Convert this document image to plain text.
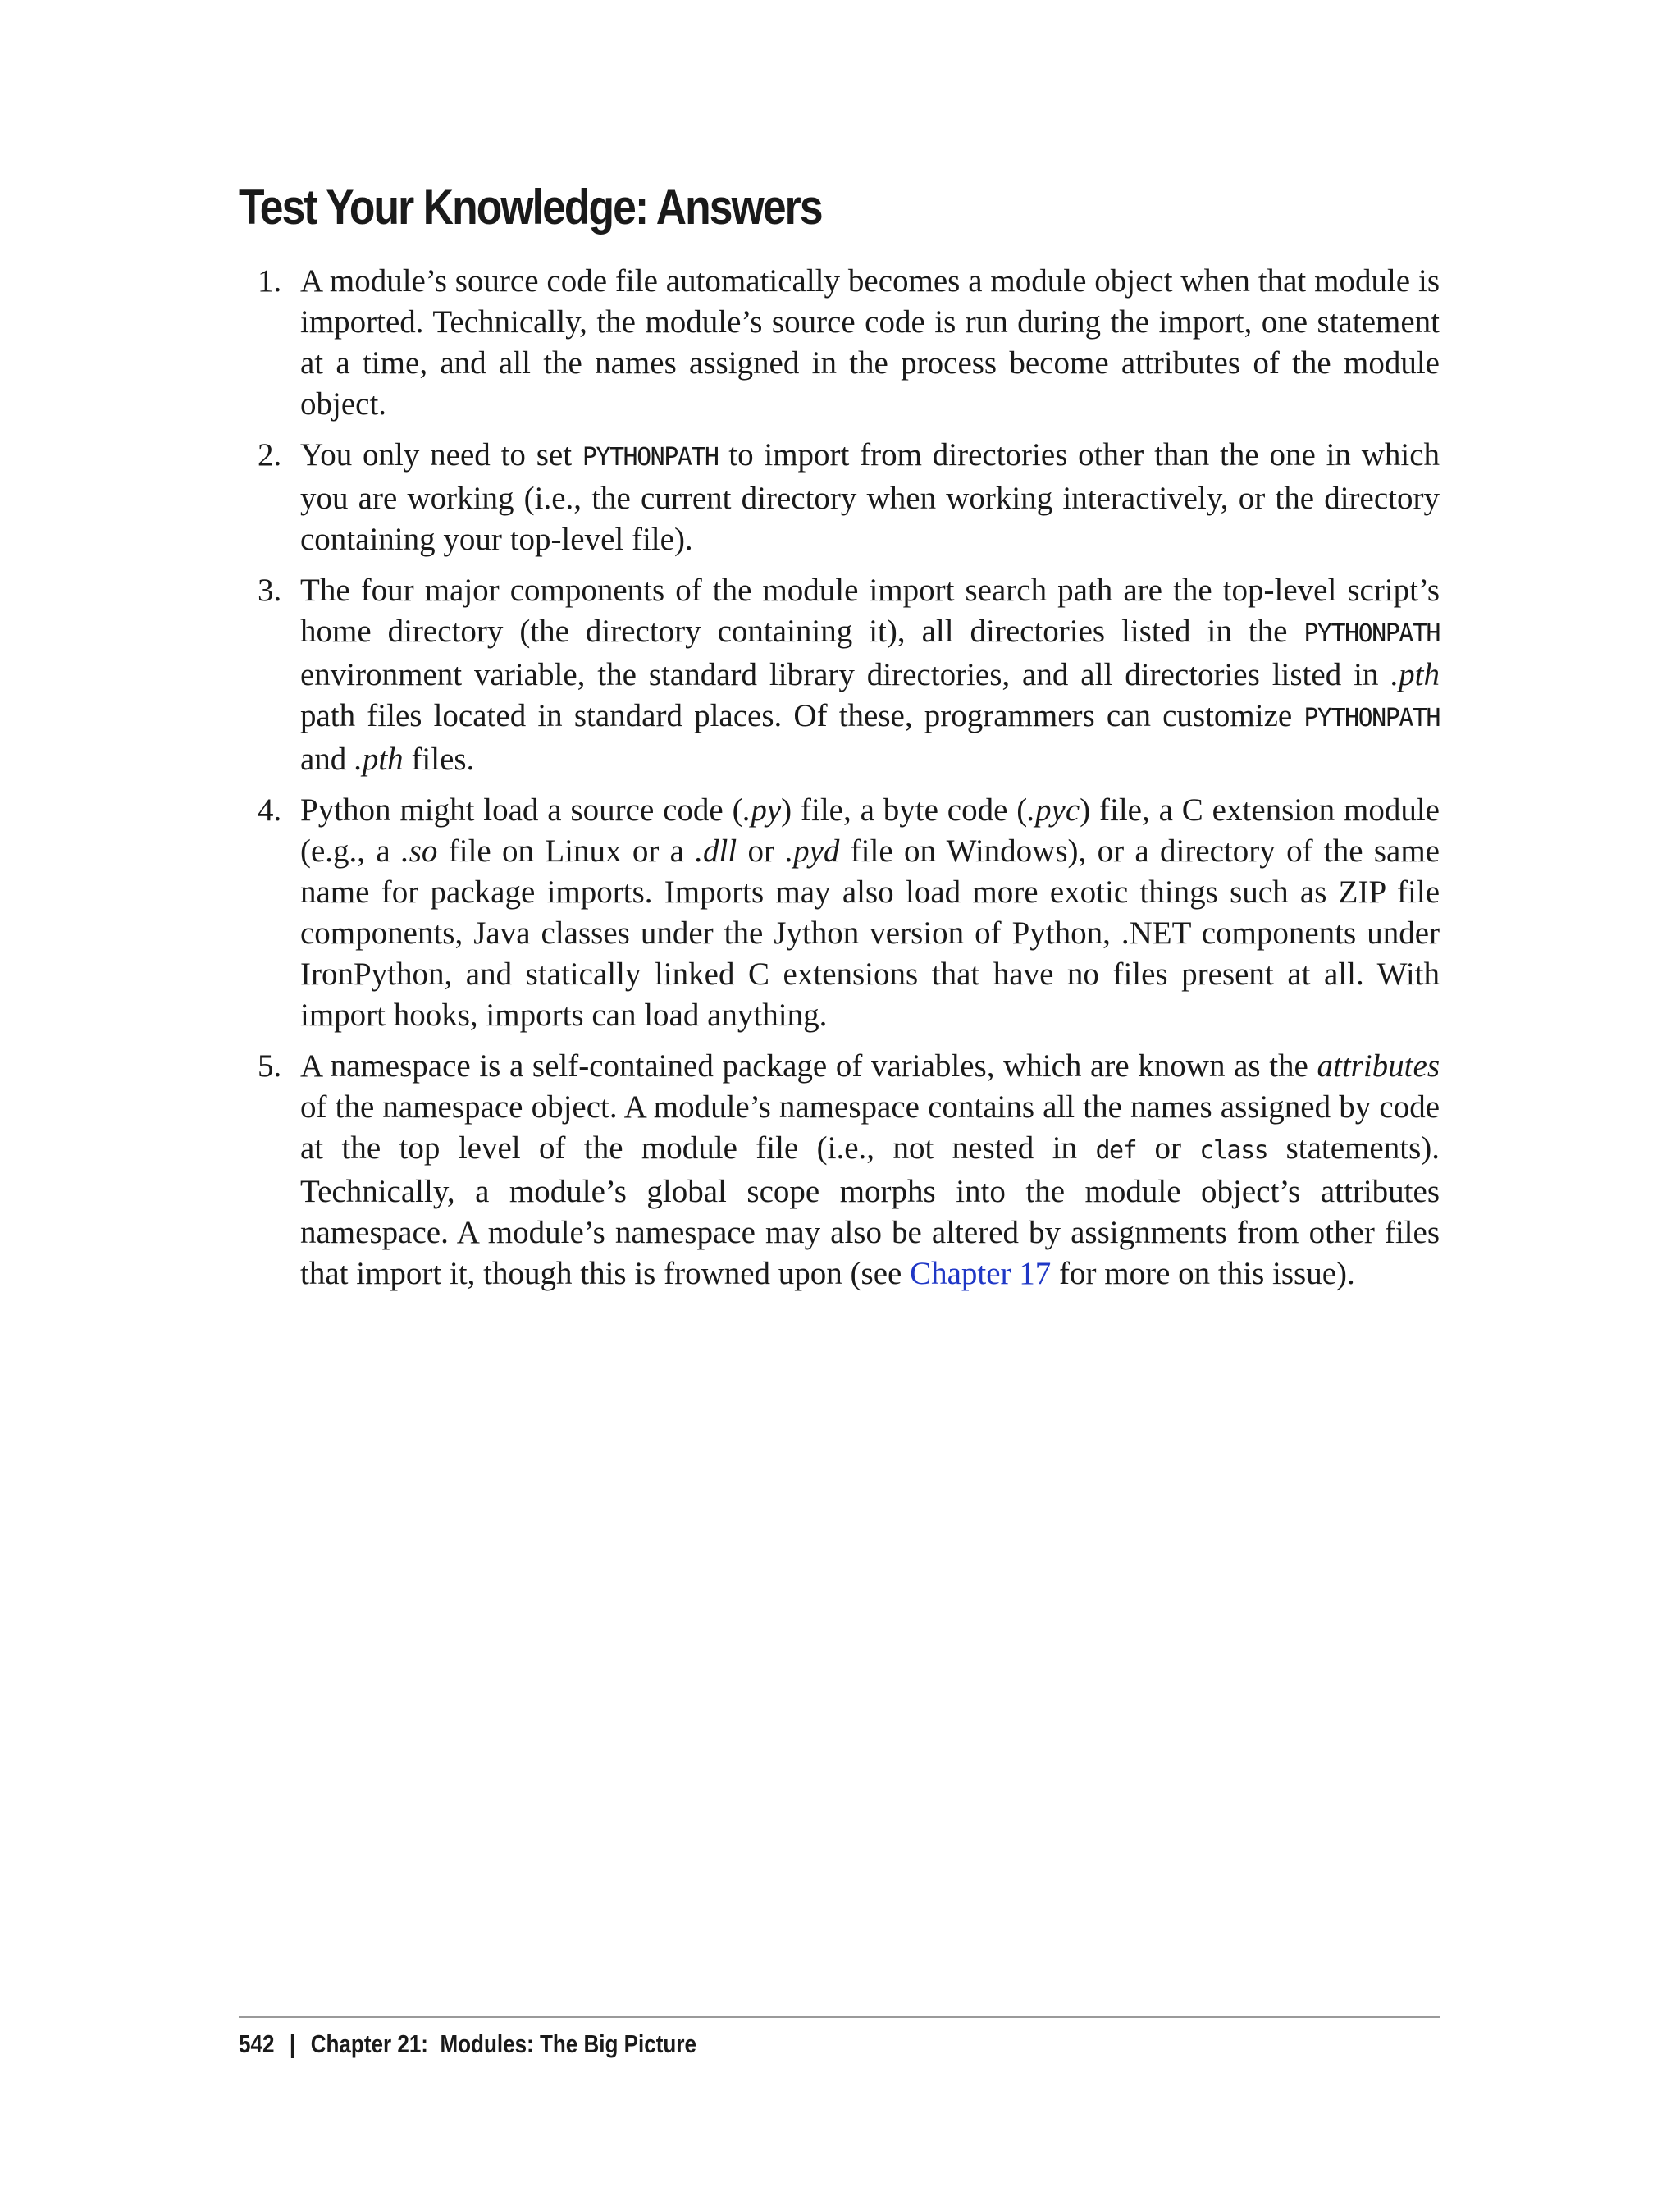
Test Your Knowledge: Answers
1. A module’s source code file automatically becomes a module object when that module is imported. Technically, the module’s source code is run during the import, one statement at a time, and all the names assigned in the process become attributes of the module object.
2. You only need to set PYTHONPATH to import from directories other than the one in which you are working (i.e., the current directory when working interactively, or the directory containing your top-level file).
3. The four major components of the module import search path are the top-level script’s home directory (the directory containing it), all directories listed in the PYTHONPATH environment variable, the standard library directories, and all directories listed in .pth path files located in standard places. Of these, programmers can customize PYTHONPATH and .pth files.
4. Python might load a source code (.py) file, a byte code (.pyc) file, a C extension module (e.g., a .so file on Linux or a .dll or .pyd file on Windows), or a directory of the same name for package imports. Imports may also load more exotic things such as ZIP file components, Java classes under the Jython version of Python, .NET components under IronPython, and statically linked C extensions that have no files present at all. With import hooks, imports can load anything.
5. A namespace is a self-contained package of variables, which are known as the attributes of the namespace object. A module’s namespace contains all the names assigned by code at the top level of the module file (i.e., not nested in def or class statements). Technically, a module’s global scope morphs into the module object’s attributes namespace. A module’s namespace may also be altered by assignments from other files that import it, though this is frowned upon (see Chapter 17 for more on this issue).
542 | Chapter 21:  Modules: The Big Picture
